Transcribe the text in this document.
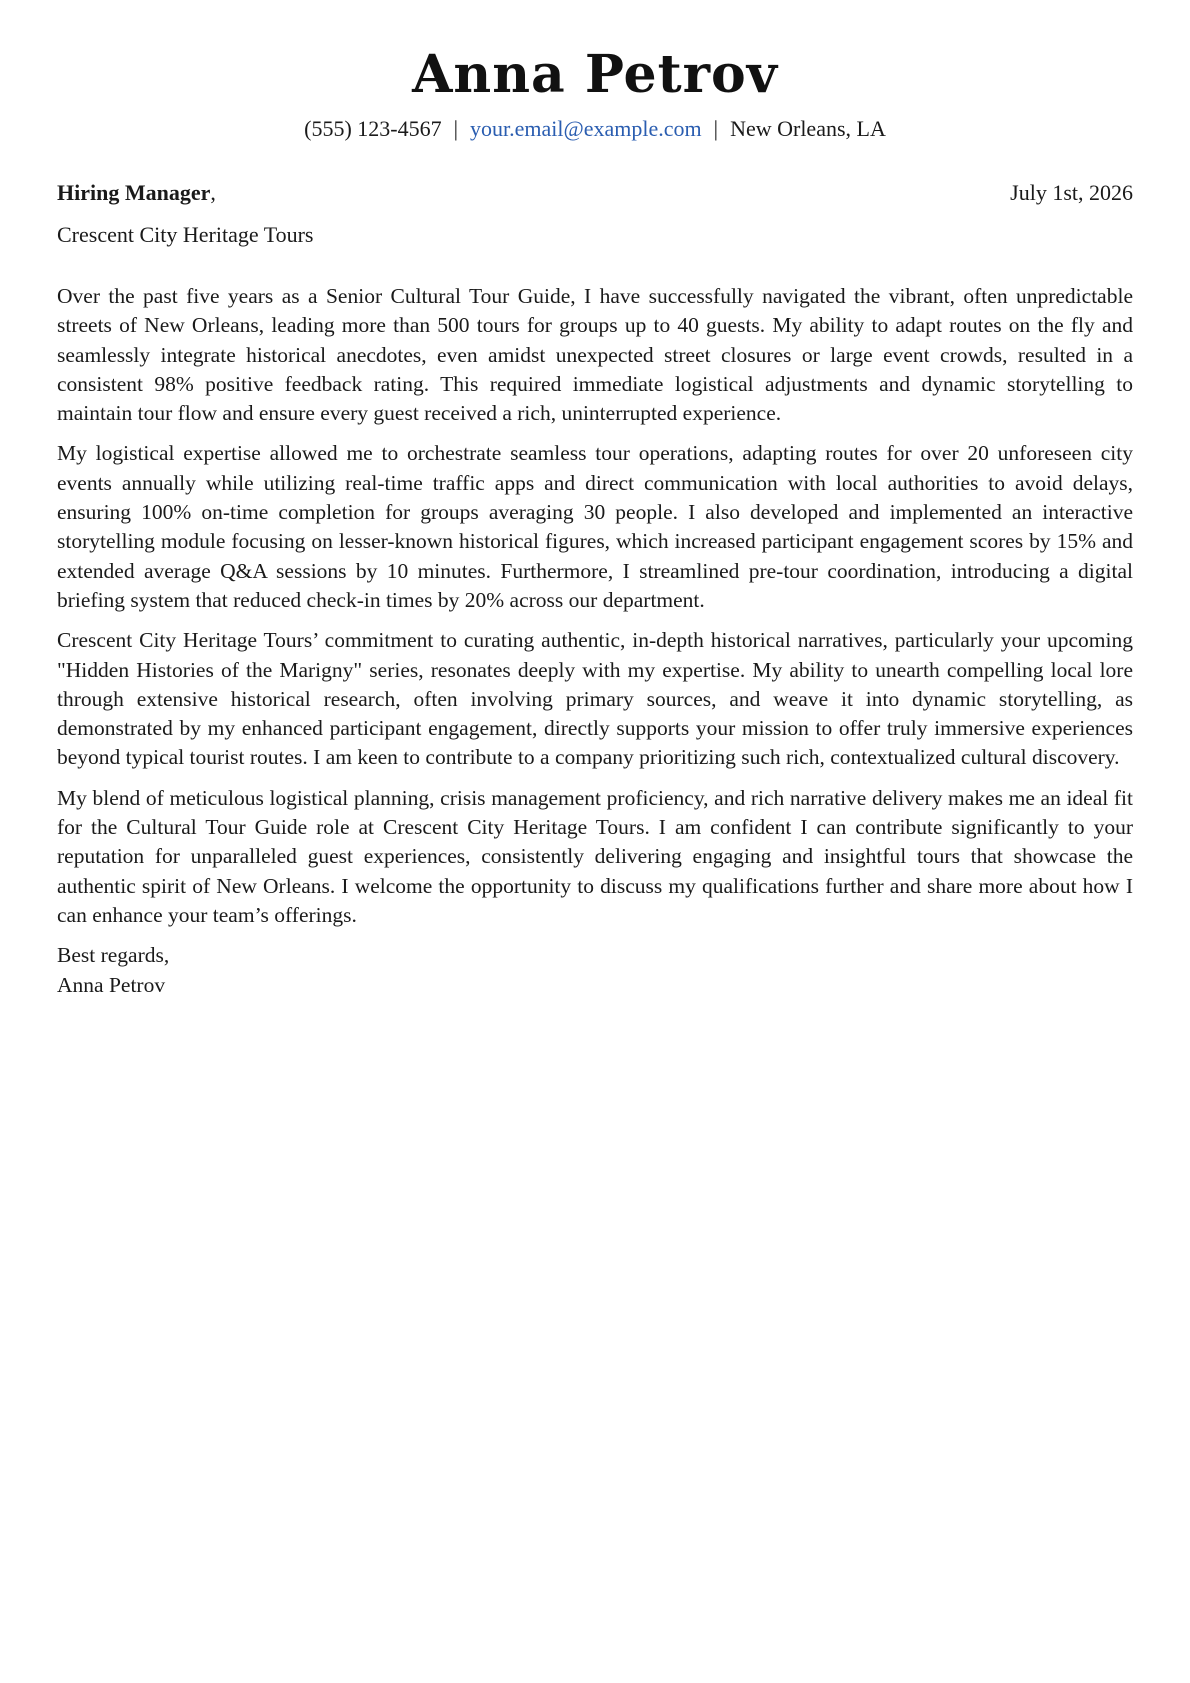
Anna Petrov
(555) 123-4567 | your.email@example.com | New Orleans, LA
Hiring Manager,	July 1st, 2026
Crescent City Heritage Tours

Over the past five years as a Senior Cultural Tour Guide, I have successfully navigated the vibrant, often unpredictable streets of New Orleans, leading more than 500 tours for groups up to 40 guests. My ability to adapt routes on the fly and seamlessly integrate historical anecdotes, even amidst unexpected street closures or large event crowds, resulted in a consistent 98% positive feedback rating. This required immediate logistical adjustments and dynamic storytelling to maintain tour flow and ensure every guest received a rich, uninterrupted experience.

My logistical expertise allowed me to orchestrate seamless tour operations, adapting routes for over 20 unforeseen city events annually while utilizing real-time traffic apps and direct communication with local authorities to avoid delays, ensuring 100% on-time completion for groups averaging 30 people. I also developed and implemented an interactive storytelling module focusing on lesser-known historical figures, which increased participant engagement scores by 15% and extended average Q&A sessions by 10 minutes. Furthermore, I streamlined pre-tour coordination, introducing a digital briefing system that reduced check-in times by 20% across our department.

Crescent City Heritage Tours’ commitment to curating authentic, in-depth historical narratives, particularly your upcoming "Hidden Histories of the Marigny" series, resonates deeply with my expertise. My ability to unearth compelling local lore through extensive historical research, often involving primary sources, and weave it into dynamic storytelling, as demonstrated by my enhanced participant engagement, directly supports your mission to offer truly immersive experiences beyond typical tourist routes. I am keen to contribute to a company prioritizing such rich, contextualized cultural discovery.

My blend of meticulous logistical planning, crisis management proficiency, and rich narrative delivery makes me an ideal fit for the Cultural Tour Guide role at Crescent City Heritage Tours. I am confident I can contribute significantly to your reputation for unparalleled guest experiences, consistently delivering engaging and insightful tours that showcase the authentic spirit of New Orleans. I welcome the opportunity to discuss my qualifications further and share more about how I can enhance your team’s offerings.

Best regards,
Anna Petrov
